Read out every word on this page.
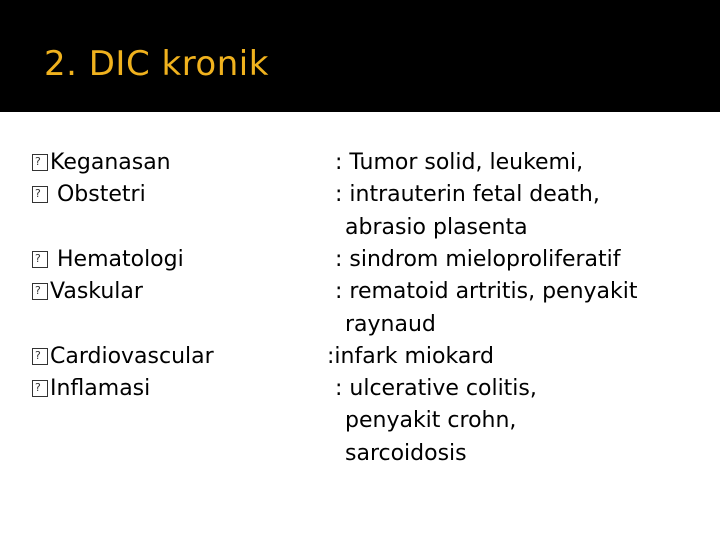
2. DIC kronik
?Keganasan
? Obstetri
? Hematologi
?Vaskular
?Cardiovascular
?Inflamasi
: Tumor solid, leukemi,
: intrauterin fetal death,
abrasio plasenta
: sindrom mieloproliferatif
: rematoid artritis, penyakit
raynaud
:infark miokard
: ulcerative colitis,
penyakit crohn,
sarcoidosis
